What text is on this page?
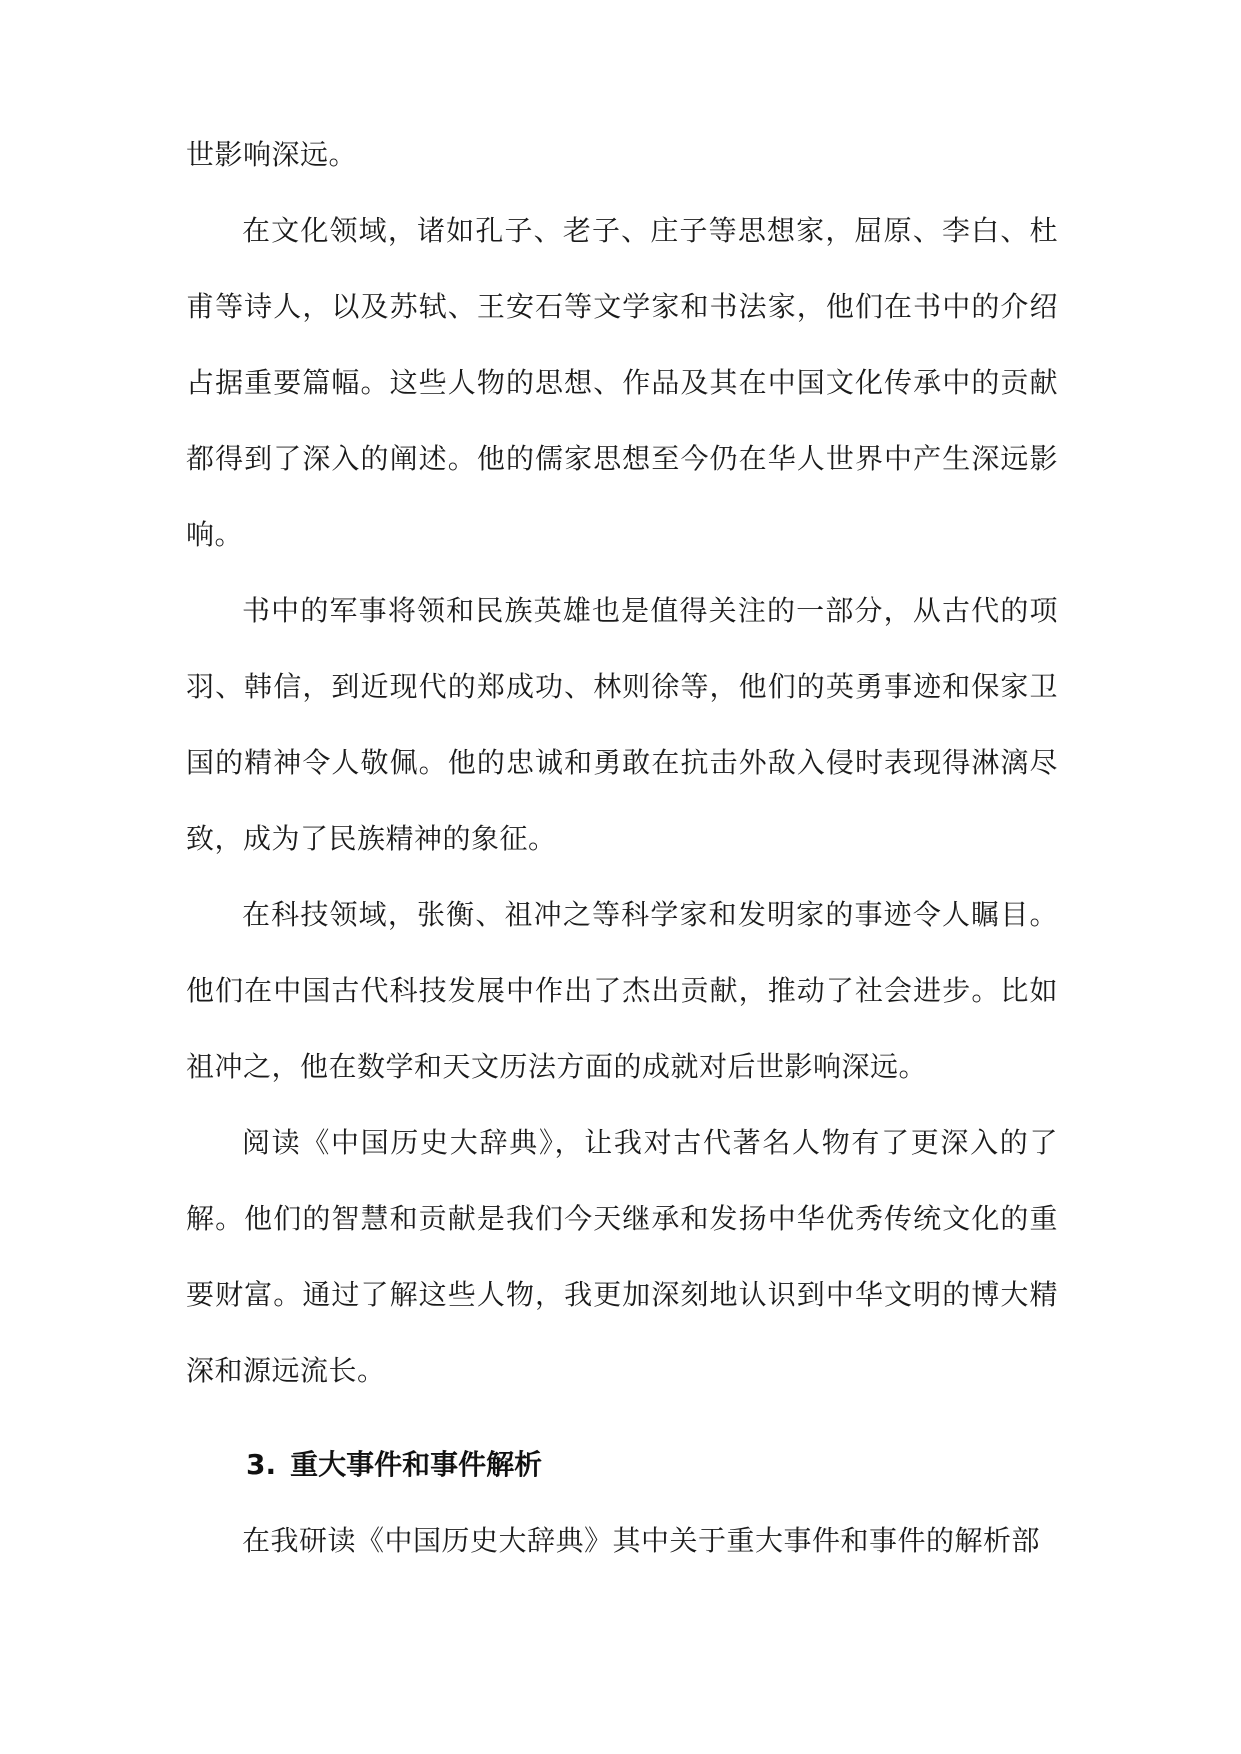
世影响深远。

在文化领域，诸如孔子、老子、庄子等思想家，屈原、李白、杜甫等诗人，以及苏轼、王安石等文学家和书法家，他们在书中的介绍占据重要篇幅。这些人物的思想、作品及其在中国文化传承中的贡献都得到了深入的阐述。他的儒家思想至今仍在华人世界中产生深远影响。

书中的军事将领和民族英雄也是值得关注的一部分，从古代的项羽、韩信，到近现代的郑成功、林则徐等，他们的英勇事迹和保家卫国的精神令人敬佩。他的忠诚和勇敢在抗击外敌入侵时表现得淋漓尽致，成为了民族精神的象征。

在科技领域，张衡、祖冲之等科学家和发明家的事迹令人瞩目。他们在中国古代科技发展中作出了杰出贡献，推动了社会进步。比如祖冲之，他在数学和天文历法方面的成就对后世影响深远。

阅读《中国历史大辞典》，让我对古代著名人物有了更深入的了解。他们的智慧和贡献是我们今天继承和发扬中华优秀传统文化的重要财富。通过了解这些人物，我更加深刻地认识到中华文明的博大精深和源远流长。

3. 重大事件和事件解析

在我研读《中国历史大辞典》其中关于重大事件和事件的解析部
